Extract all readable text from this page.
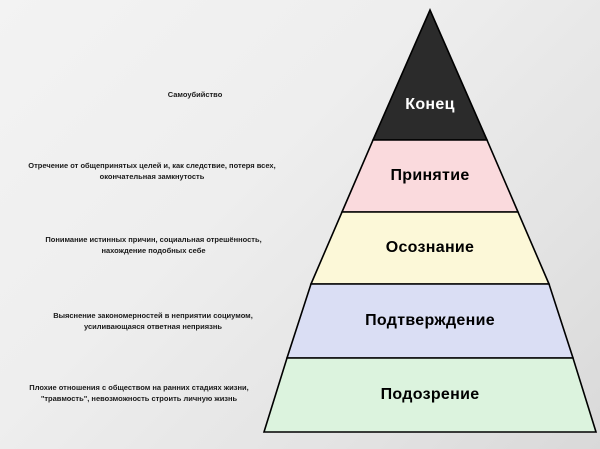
Конец
Принятие
Осознание
Подтверждение
Подозрение
Самоубийство
Отречение от общепринятых целей и, как следствие, потеря всех, окончательная замкнутость
Понимание истинных причин, социальная отрешённость, нахождение подобных себе
Выяснение закономерностей в неприятии социумом, усиливающаяся ответная неприязнь
Плохие отношения с обществом на ранних стадиях жизни, "травмость", невозможность строить личную жизнь
